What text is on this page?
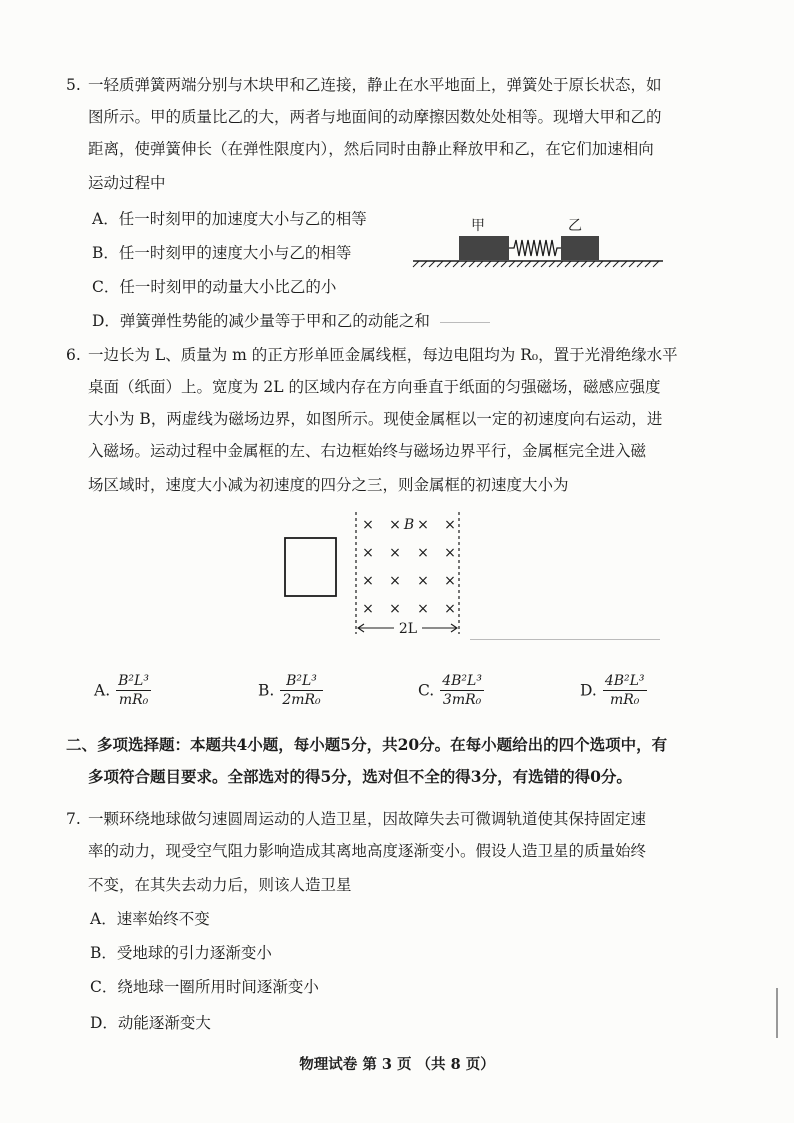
5. 一轻质弹簧两端分别与木块甲和乙连接，静止在水平地面上，弹簧处于原长状态，如
图所示。甲的质量比乙的大，两者与地面间的动摩擦因数处处相等。现增大甲和乙的
距离，使弹簧伸长（在弹性限度内），然后同时由静止释放甲和乙，在它们加速相向
运动过程中
A．任一时刻甲的加速度大小与乙的相等
B．任一时刻甲的速度大小与乙的相等
C．任一时刻甲的动量大小比乙的小
D．弹簧弹性势能的减少量等于甲和乙的动能之和
甲	乙
6. 一边长为 L、质量为 m 的正方形单匝金属线框，每边电阻均为 R₀，置于光滑绝缘水平
桌面（纸面）上。宽度为 2L 的区域内存在方向垂直于纸面的匀强磁场，磁感应强度
大小为 B，两虚线为磁场边界，如图所示。现使金属框以一定的初速度向右运动，进
入磁场。运动过程中金属框的左、右边框始终与磁场边界平行，金属框完全进入磁
场区域时，速度大小减为初速度的四分之三，则金属框的初速度大小为
× × × ×
× × × ×
× × × ×
× × × ×
B
2L
A. $\frac{\text{B²L³}}{\text{mR₀}}$	B. $\frac{\text{B²L³}}{\text{2mR₀}}$	C. $\frac{\text{4B²L³}}{\text{3mR₀}}$	D. $\frac{\text{4B²L³}}{\text{mR₀}}$
二、多项选择题：本题共4小题，每小题5分，共20分。在每小题给出的四个选项中，有
多项符合题目要求。全部选对的得5分，选对但不全的得3分，有选错的得0分。
7. 一颗环绕地球做匀速圆周运动的人造卫星，因故障失去可微调轨道使其保持固定速
率的动力，现受空气阻力影响造成其离地高度逐渐变小。假设人造卫星的质量始终
不变，在其失去动力后，则该人造卫星
A．速率始终不变
B．受地球的引力逐渐变小
C．绕地球一圈所用时间逐渐变小
D．动能逐渐变大
物理试卷 第 3 页 （共 8 页）
